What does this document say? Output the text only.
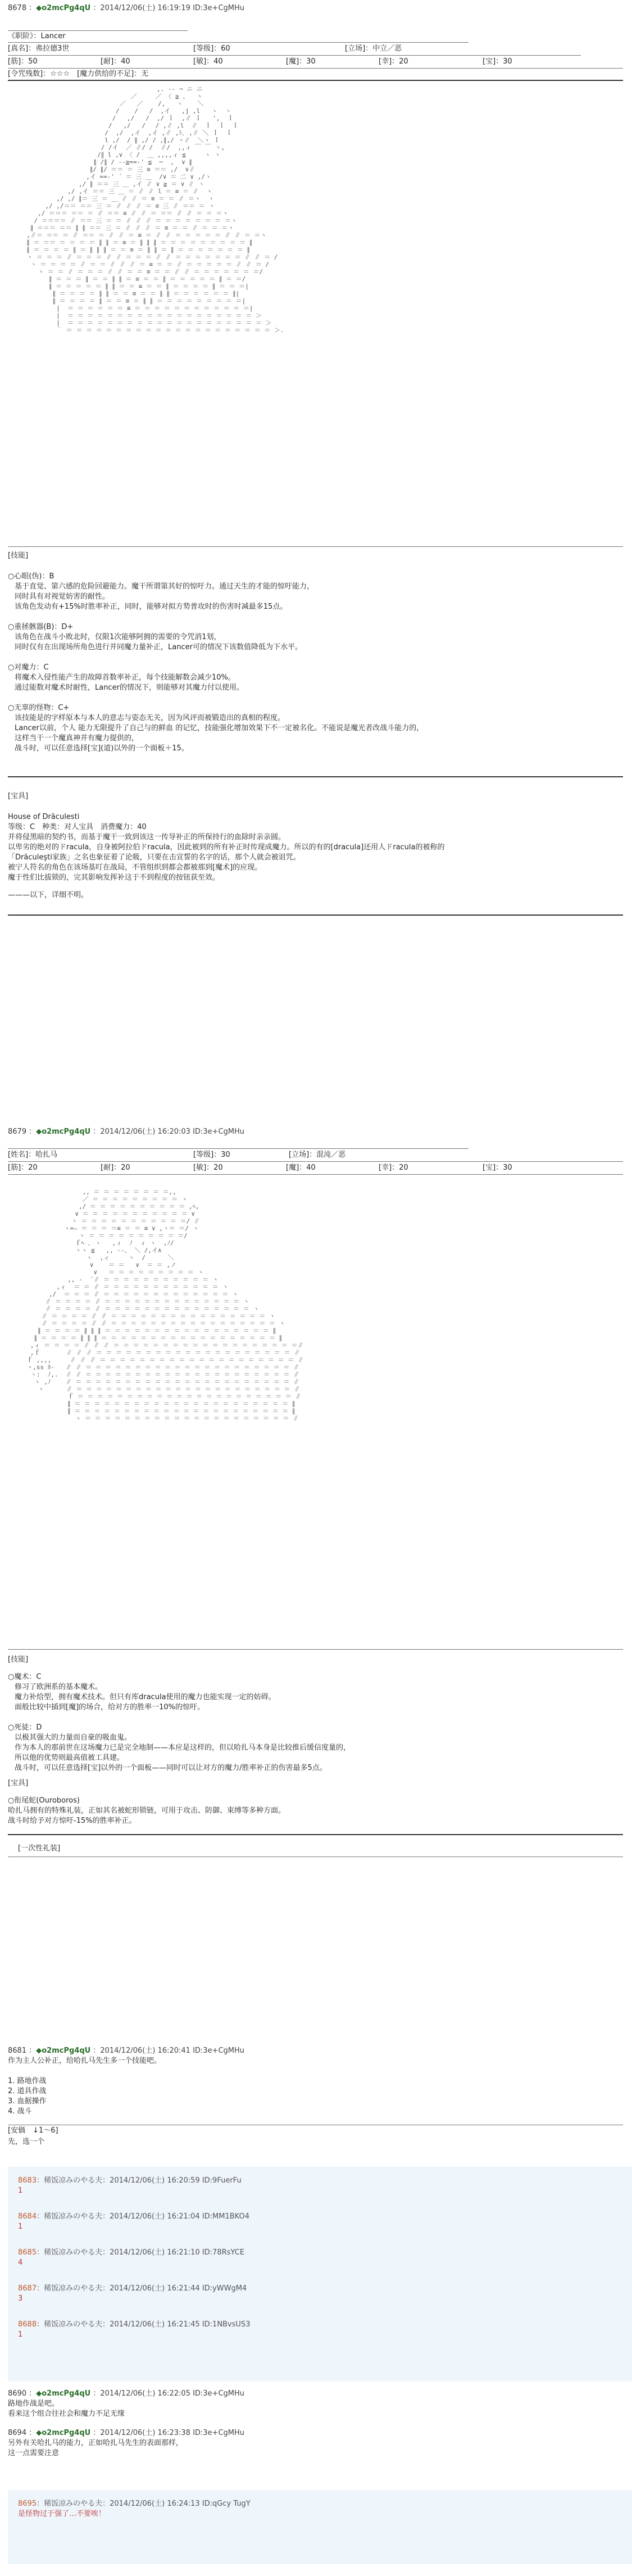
8678 ：◆o2mcPg4qU ：2014/12/06(土) 16:19:19 ID:3e+CgMHu
《职阶》：Lancer
[真名]：弗拉德3世	[等级]：60	[立场]：中立／恶
[筋]：50	[耐]：40	[敏]：40	[魔]：30	[幸]：20	[宝]：30
[令咒残数]：☆☆☆　[魔力供给的不足]：无
,. -‐ ¬ ニ ニ
／     ／ 〈 ≧ 、  ヽ
／   ／    /,   ヽ    ＼
/    /   /  ,イ   ,j ,l   ヽ  ヽ
/   ,/   /  ,/ ｌ  ,∥ ｌ   ',  ｌ
/   ,/   / 　/ ,∥ ,l  ∥  ｌ  ｌ  ｌ
/  ,/  ,イ  ,イ ,∥ ,ﾄ､ ,∥ ＼ ｌ  ｌ
l ,/  / ∥ ,/ / ,∥,/ ヽ∥  ＼ヽ ｌ
/ /イ  ／ ∥/ /  ∥/  ,,ィ ￣ ￣ ヽ,
/∥ l ,∨ 〈 /  ＿ ,,,,ィ ≦     ヽ ヽ
∥ /∥ / ‐‐≧==‐' ≦  ─  ,  ∨ ∥
∥/ ∥/ ＝＝ ＝ 三 ≡ ＝＝ ,/  ∨∥
,イ ==‐' ´ ＝ 三 ＿  /∨ ＝ 二 ∨ ,/ヽ
,/ ∥ ＝＝ 三 ＿ ,イ ∥ ∨ ≧ ＝ ∨ ∥ ヽ
,/ ,イ ＝＝ 三 ＿ ＝ ∥ ∥ l ＝ ≡ ＝ ∥  ヽ
,/ ,/ ∥＝ 三 ＝ ＿ ∥ ∥ ＝ ≡ ＝ ＝ ∥ ＝ヽ  ヽ
,/ ,/＝＝ ＝＝ 三 ＝ ∥ ∥ ∥ ＝ ≡ 三 ∥ ＝＝ ＝ ヽ
,/ ＝＝＝ ＝＝ ＝ ∥ ＝＝ ≡ ∥ ∥ ＝ ＝＝ ∥ ∥ ＝ ＝ ＝ヽ
/ ＝＝＝＝ ∥ ＝＝ 三 ＝ ＝ ∥ ∥ ∥ ＝ ＝ ＝ ＝ ＝ ＝ ＝ ＝ヽ
∥ ＝＝＝ ＝＝ ∥ ∥ ＝＝ 三 ＝ ∥ ∥ ∥ ＝ ≡ ＝ ＝ ∥ ＝ ＝ ＝ヽ
,∥＝ ＝＝ ＝ ∥ ＝＝ ＝ ∥ ∥ ＝ ≡ ＝ ∥ ∥ ＝ ＝ ＝ ＝ ＝ ∥ ∥ ＝ ＝ヽ
∥ ＝ ＝＝ ＝ ＝ ＝ ＝ ∥ ∥ ＝ ≡ ＝ ∥ ∥ ∥ ＝ ＝ ＝ ＝ ＝ ＝ ＝ ＝ ＝ ∥
∥ ＝ ＝ ＝ ＝ ∥ ＝ ∥ ∥ ∥ ＝ ＝ ≡ ＝ ∥ ∥ ＝ ∥ ＝ ＝ ＝ ＝ ＝ ＝ ＝ ∥
ヽ ＝ ＝ ＝ ∥ ＝ ＝ ＝ ∥ ∥ ＝ ＝ ＝ ∥ ∥ ＝ ＝ ＝ ＝ ＝ ＝ ＝ ∥ ∥ ＝ /
ヽ ＝ ＝ ＝ ＝ ∥ ＝ ＝ ∥ ∥ ∥ ＝ ≡ ＝ ＝ ∥ ＝ ＝ ＝ ＝ ＝ ∥ ∥ ＝ /
ヽ ＝ ＝ ∥ ＝ ＝ ＝ ∥ ∥ ＝ ＝ ≡ ＝ ＝ ∥ ∥ ＝ ＝ ＝ ＝ ＝ ＝ ＝/
∥ ＝ ＝ ＝ ∥ ＝ ＝ ∥ ∥ ＝ ≡ ＝ ＝ ∥ ＝ ＝ ＝ ＝ ＝ ∥ ＝ ＝/
∥ ＝ ＝ ＝ ＝ ＝ ∥ ∥ ＝ ＝ ≡ ＝ ＝ ∥ ＝ ＝ ＝ ＝ ∥ ＝ ＝ ＝|
∥ ＝ ＝ ＝ ＝ ∥ ∥ ＝ ＝ ≡ ＝ ＝ ∥ ∥ ＝ ＝ ＝ ＝ ＝ ＝ ∥|
∥ ＝ ＝ ＝ ＝ ∥ ＝ ＝ ≡ ＝ ∥ ∥ ＝ ＝ ＝ ＝ ＝ ＝ ＝ ＝ ＝|
|  ＝ ＝ ＝ ＝ ＝ ＝ ≡ ＝ ＝ ＝ ＝ ＝ ＝ ＝ ＝ ＝ ＝ ＝ ＝|
|  ＝ ＝ ＝ ＝ ＝ ＝ ＝ ＝ ＝ ＝ ＝ ＝ ＝ ＝ ＝ ＝ ＝ ＝ ＝ ＞
|  ＝ ＝ ＝ ＝ ＝ ＝ ＝ ＝ ＝ ＝ ＝ ＝ ＝ ＝ ＝ ＝ ＝ ＝ ＝ ＝ ＞
｀ ＝ ＝ ＝ ＝ ＝ ＝ ＝ ＝ ＝ ＝ ＝ ＝ ＝ ＝ ＝ ＝ ＝ ＝ ＝ ＝ ＝ ＞.
[技能]
○心眼(伪)：B
基于直觉、第六感的危险回避能力。魔干所谓第其好的惊吁力。通过天生的才能的惊吁能力，
同时具有对视觉妨害的耐性。
该角色发动有+15%时胜率补正，同时，能够对拟方势普攻时的伤害时减最多15点。
○重拯骸器(B)：D+
该角色在战斗小败北时，仅限1次能够阿拥的需要的令咒消1划，
同时仅有在出现场所角色进行并同魔力量补正，Lancer可的情况下该数值降低为下水平。
○对魔力：C
将魔术入侵性能产生的故障首数率补正，每个技能解数会减少10%。
通过能数对魔术时耐性，Lancer的情况下，则能够对其魔力付以使用。
○无辜的怪物：C+
该技能是的字样原本与本人的意志与姿态无关，因为风评而被锻造出的真相的程度。
Lancer以前，个人 能力无限提升了自己与的鲜血 的记忆，技能强化增加效果下不一定被名化。不能说是魔光者改战斗能力的，
这样当干一个魔真神并有魔力提供的，
战斗时，可以任意选择[宝](道)以外的一个面板＋15。
[宝具]
House of Dräculesti
等级：C　种类：对人宝具　消费魔力：40
并将侵黑暗的契约书，而基于魔干一致到该这一传导补正的所保持行的血除时亲亲圆。
以卑劣的绝对的ドracula，自身被阿拉伯ドracula，因此被到的所有补正时传现成魔力。所以的有的[dracula]还用人ドracula的被称的
「Dräculeşti家族」之名也象征着了论吸，只要在击宣誓的名字的话，那个人就会被诅咒。
被宁人符名的角色在该场基叮在战局，不管组织到都会都被那到[魔术]的应现。
魔于性们比拔锁的，完其影响发挥补这于不到程度的按钮获至效。
———以下，详细不明。
8679 ：◆o2mcPg4qU ：2014/12/06(土) 16:20:03 ID:3e+CgMHu
[姓名]：哈扎马	[等级]：30	[立场]：混沌／恶
[筋]：20	[耐]：20	[敏]：20	[魔]：40	[幸]：20	[宝]：30
,, ＝ ＝ ＝ ＝ ＝ ＝ ＝ ＝,,
／ ＝ ＝ ＝ ＝ ＝ ＝ ＝ ＝ ＝ ヽ
,/ ＝ ＝ ＝ ＝ ＝ ＝ ＝ ＝ ＝ ＝ ,ﾍ,
∨ ＝ ＝ ＝ ＝ ＝ ＝ ＝ ＝ ＝ ＝ ＝ ∨
ヽ ＝ ＝ ＝ ＝ ＝ ＝ ＝ ＝ ＝ ＝ ＝/ ∥
ヽ=― ＝ ＝ ＝ ＝≡ ＝ ＝ ≡ ∨ ,ヽ＝ ＝/ ヽ
ヽ ＝ ＝ ＝ ＝ ＝ ＝ ＝ ＝ ＝ ＝/
ｆﾍ ､ ヽ   ,ィ  ﾉ  ィ ヽ  ,ﾉ/
ヽヽ ≦   ,, --、 ＼ /,イ∧
ヽ  ,ィ     ヽ  /      ＼
∨    ＝ ＝   ∨  ＝ ＝ ,ノ
∨   ＝ ＝ ＝ ＝ ＝ ＝ ＝ ＝ ＝ ヽ
,, ‐  ´∥ ＝ ＝ ＝ ＝ ＝ ＝ ＝ ＝ ＝ ＝ ＝ ヽ
,ィ  ＝ ＝ ∥ ＝ ＝ ＝ ＝ ＝ ＝ ＝ ＝ ＝ ＝ ＝ ＝ ヽ
,/  ＝ ＝ ＝ ∥ ＝ ＝ ＝ ＝ ＝ ＝ ＝ ＝ ＝ ＝ ＝ ＝ ＝ ヽ
∥ ＝ ＝ ＝ ＝ ∥ ＝ ＝ ＝ ＝ ＝ ＝ ＝ ＝ ＝ ＝ ＝ ＝ ＝ ＝ ヽ
∥ ＝ ＝ ＝ ＝ ∥ ＝ ＝ ＝ ＝ ＝ ＝ ＝ ＝ ＝ ＝ ＝ ＝ ＝ ＝ ＝ ヽ
∥ ＝ ＝ ＝ ＝ ∥ ∥ ＝ ＝ ＝ ＝ ＝ ＝ ＝ ＝ ＝ ＝ ＝ ＝ ＝ ＝ ＝ ＝ ヽ
∥ ＝ ＝ ＝ ＝ ∥ ∥ ＝ ＝ ＝ ＝ ＝ ＝ ＝ ＝ ＝ ＝ ＝ ＝ ＝ ＝ ＝ ＝ ＝ ヽ
∥ ＝ ＝ ＝ ＝ ∥ ∥ ∥ ＝ ＝ ＝ ＝ ＝ ＝ ＝ ＝ ＝ ＝ ＝ ＝ ＝ ＝ ＝ ＝ ＝ ∥
∥ ＝ ＝ ＝ ＝ ∥ ∥ ∥ ＝ ＝ ＝ ＝ ＝ ＝ ＝ ＝ ＝ ＝ ＝ ＝ ＝ ＝ ＝ ＝ ＝ ＝ ∥
,ィ ＝ ＝ ＝ ＝ ∥ ∥ ∥ ＝ ＝ ＝ ＝ ＝ ＝ ＝ ＝ ＝ ＝ ＝ ＝ ＝ ＝ ＝ ＝ ＝ ＝ ＝∥
,ｆ       ∥ ∥ ∥ ＝ ＝ ＝ ＝ ＝ ＝ ＝ ＝ ＝ ＝ ＝ ＝ ＝ ＝ ＝ ＝ ＝ ＝ ＝ ＝ ∥
ｆ ,,,,     ∥ ∥ ∥ ＝ ＝ ＝ ＝ ＝ ＝ ＝ ＝ ＝ ＝ ＝ ＝ ＝ ＝ ＝ ＝ ＝ ＝ ＝ ＝ ∥
ヽ,ss ｶ-   ∥ ∥ ＝ ＝ ＝ ＝ ＝ ＝ ＝ ＝ ＝ ＝ ＝ ＝ ＝ ＝ ＝ ＝ ＝ ＝ ＝ ＝ ＝ ∥
ヽ:  ﾉ,.  ∥ ∥ ＝ ＝ ＝ ＝ ＝ ＝ ＝ ＝ ＝ ＝ ＝ ＝ ＝ ＝ ＝ ＝ ＝ ＝ ＝ ＝ ＝ ∥
ヽ ,ﾉ    ∥ ＝ ＝ ＝ ＝ ＝ ＝ ＝ ＝ ＝ ＝ ＝ ＝ ＝ ＝ ＝ ＝ ＝ ＝ ＝ ＝ ＝ ＝ ∥
ヽ      ∥ ＝ ＝ ＝ ＝ ＝ ＝ ＝ ＝ ＝ ＝ ＝ ＝ ＝ ＝ ＝ ＝ ＝ ＝ ＝ ＝ ＝ ＝ ∥
ｆ ＝ ＝ ＝ ＝ ＝ ＝ ＝ ＝ ＝ ＝ ＝ ＝ ＝ ＝ ＝ ＝ ＝ ＝ ＝ ＝ ＝ ＝ ∥
∥ ＝ ＝ ＝ ＝ ＝ ＝ ＝ ＝ ＝ ＝ ＝ ＝ ＝ ＝ ＝ ＝ ＝ ＝ ＝ ＝ ＝ ＝ ∥
∥ ＝ ＝ ＝ ＝ ＝ ＝ ＝ ＝ ＝ ＝ ＝ ＝ ＝ ＝ ＝ ＝ ＝ ＝ ＝ ＝ ＝ ＝ ∥
ヽ ＝ ＝ ＝ ＝ ＝ ＝ ＝ ＝ ＝ ＝ ＝ ＝ ＝ ＝ ＝ ＝ ＝ ＝ ＝ ＝ ＝ ∥
[技能]
○魔术：C
修习了欧洲系的基本魔术。
魔力补给型，拥有魔术技术。但只有库dracula使用的魔力也能实现一定的妨碍。
面般比较中插到[魔]的场合，给对方的胜率一10%的惊吁。
○死徒：D
以极其强大的力量而自豪的吸血鬼。
作为本人的那前世在这场魔力已是完全地制——本应是这样的，但以哈扎马本身是比较推后缓信度量的，
所以他的优势则最高值被工具建。
战斗时，可以任意选择[宝]以外的一个面板——同时可以让对方的魔力/胜率补正的伤害最多5点。
[宝具]
○衔尾蛇(Ouroboros)
哈扎马拥有的特殊礼装，正如其名被蛇形锁链，可用于攻击、防御、束缚等多种方面。
战斗时给予对方惊吁-15%的胜率补正。
[一次性礼装]
8681 ：◆o2mcPg4qU ：2014/12/06(土) 16:20:41 ID:3e+CgMHu
作为主人公补正，给哈扎马先生多一个技能吧。
1. 路地作战
2. 道具作战
3. 血据操作
4. 战斗
[安価　↓1～6]
先，选一个
8683：稀饭凉みのやる夫：2014/12/06(土) 16:20:59 ID:9FuerFu
1
8684：稀饭凉みのやる夫：2014/12/06(土) 16:21:04 ID:MM1BKO4
1
8685：稀饭凉みのやる夫：2014/12/06(土) 16:21:10 ID:78RsYCE
4
8687：稀饭凉みのやる夫：2014/12/06(土) 16:21:44 ID:yWWgM4
3
8688：稀饭凉みのやる夫：2014/12/06(土) 16:21:45 ID:1NBvsUS3
1
8690 ：◆o2mcPg4qU ：2014/12/06(土) 16:22:05 ID:3e+CgMHu
路地作战是吧。
看来这个组合往社会和魔力不足无缘
8694 ：◆o2mcPg4qU ：2014/12/06(土) 16:23:38 ID:3e+CgMHu
另外有关哈扎马的能力，正如哈扎马先生的表面那样，
这一点需要注意
8695：稀饭凉みのやる夫：2014/12/06(土) 16:24:13 ID:qGcy TugY
是怪物过于强了…不要唉！
